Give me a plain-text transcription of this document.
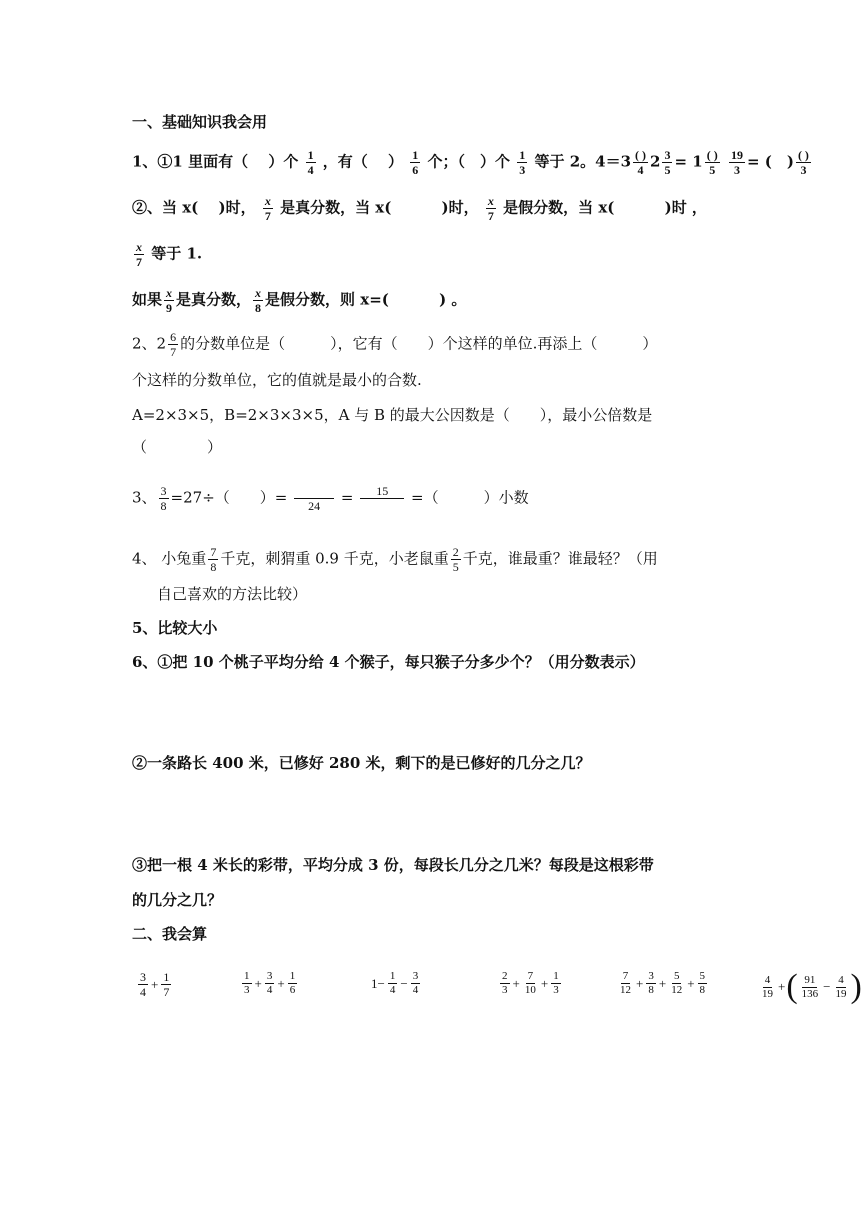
一、基础知识我会用
1、①1 里面有（　 ）个 $\frac{1}{4}$ ，有（　 ） $\frac{1}{6}$ 个；（　）个 $\frac{1}{3}$ 等于 2。$4=3 \frac{( )}{4} 2 \frac{3}{5} = 1 \frac{( )}{5}$
$\frac{19}{3}$ = (　) $\frac{( )}{3}$
②、当 x(　 )时， $\frac{x}{7}$ 是真分数，当 x(　　　 )时， $\frac{x}{7}$ 是假分数，当 x(　　　 )时 ，
$\frac{x}{7}$ 等于 1.
如果 $\frac{x}{9}$ 是真分数， $\frac{x}{8}$ 是假分数，则 x=(　　　 ) 。
2、$2 \frac{6}{7}$ 的分数单位是（　　　），它有（　　）个这样的单位.再添上（　　　）
个这样的分数单位，它的值就是最小的合数.
A=2×3×5，B=2×3×3×5，A 与 B 的最大公因数是（　　），最小公倍数是
（　　　　）
3、 $\frac{3}{8} =27\div$（　　）=
24 =	15
	=（　　　）小数
4、 小兔重 $\frac{7}{8}$ 千克，刺猬重 0.9 千克，小老鼠重 $\frac{2}{5}$ 千克，谁最重？谁最轻？（用
自己喜欢的方法比较）
5、比较大小
6、①把 10 个桃子平均分给 4 个猴子，每只猴子分多少个？（用分数表示）
②一条路长 400 米，已修好 280 米，剩下的是已修好的几分之几？
③把一根 4 米长的彩带，平均分成 3 份，每段长几分之几米？每段是这根彩带
的几分之几？
二、我会算
$\frac{3}{4} + \frac{1}{7}$	$\frac{1}{3} + \frac{3}{4} + \frac{1}{6}$	$1- \frac{1}{4} - \frac{3}{4}$	$\frac{2}{3} + \frac{7}{10} + \frac{1}{3}$	$\frac{7}{12} + \frac{3}{8} + \frac{5}{12} + \frac{5}{8}$	$\frac{4}{19}$ + ( $\frac{91}{136} - \frac{4}{19}$ )
